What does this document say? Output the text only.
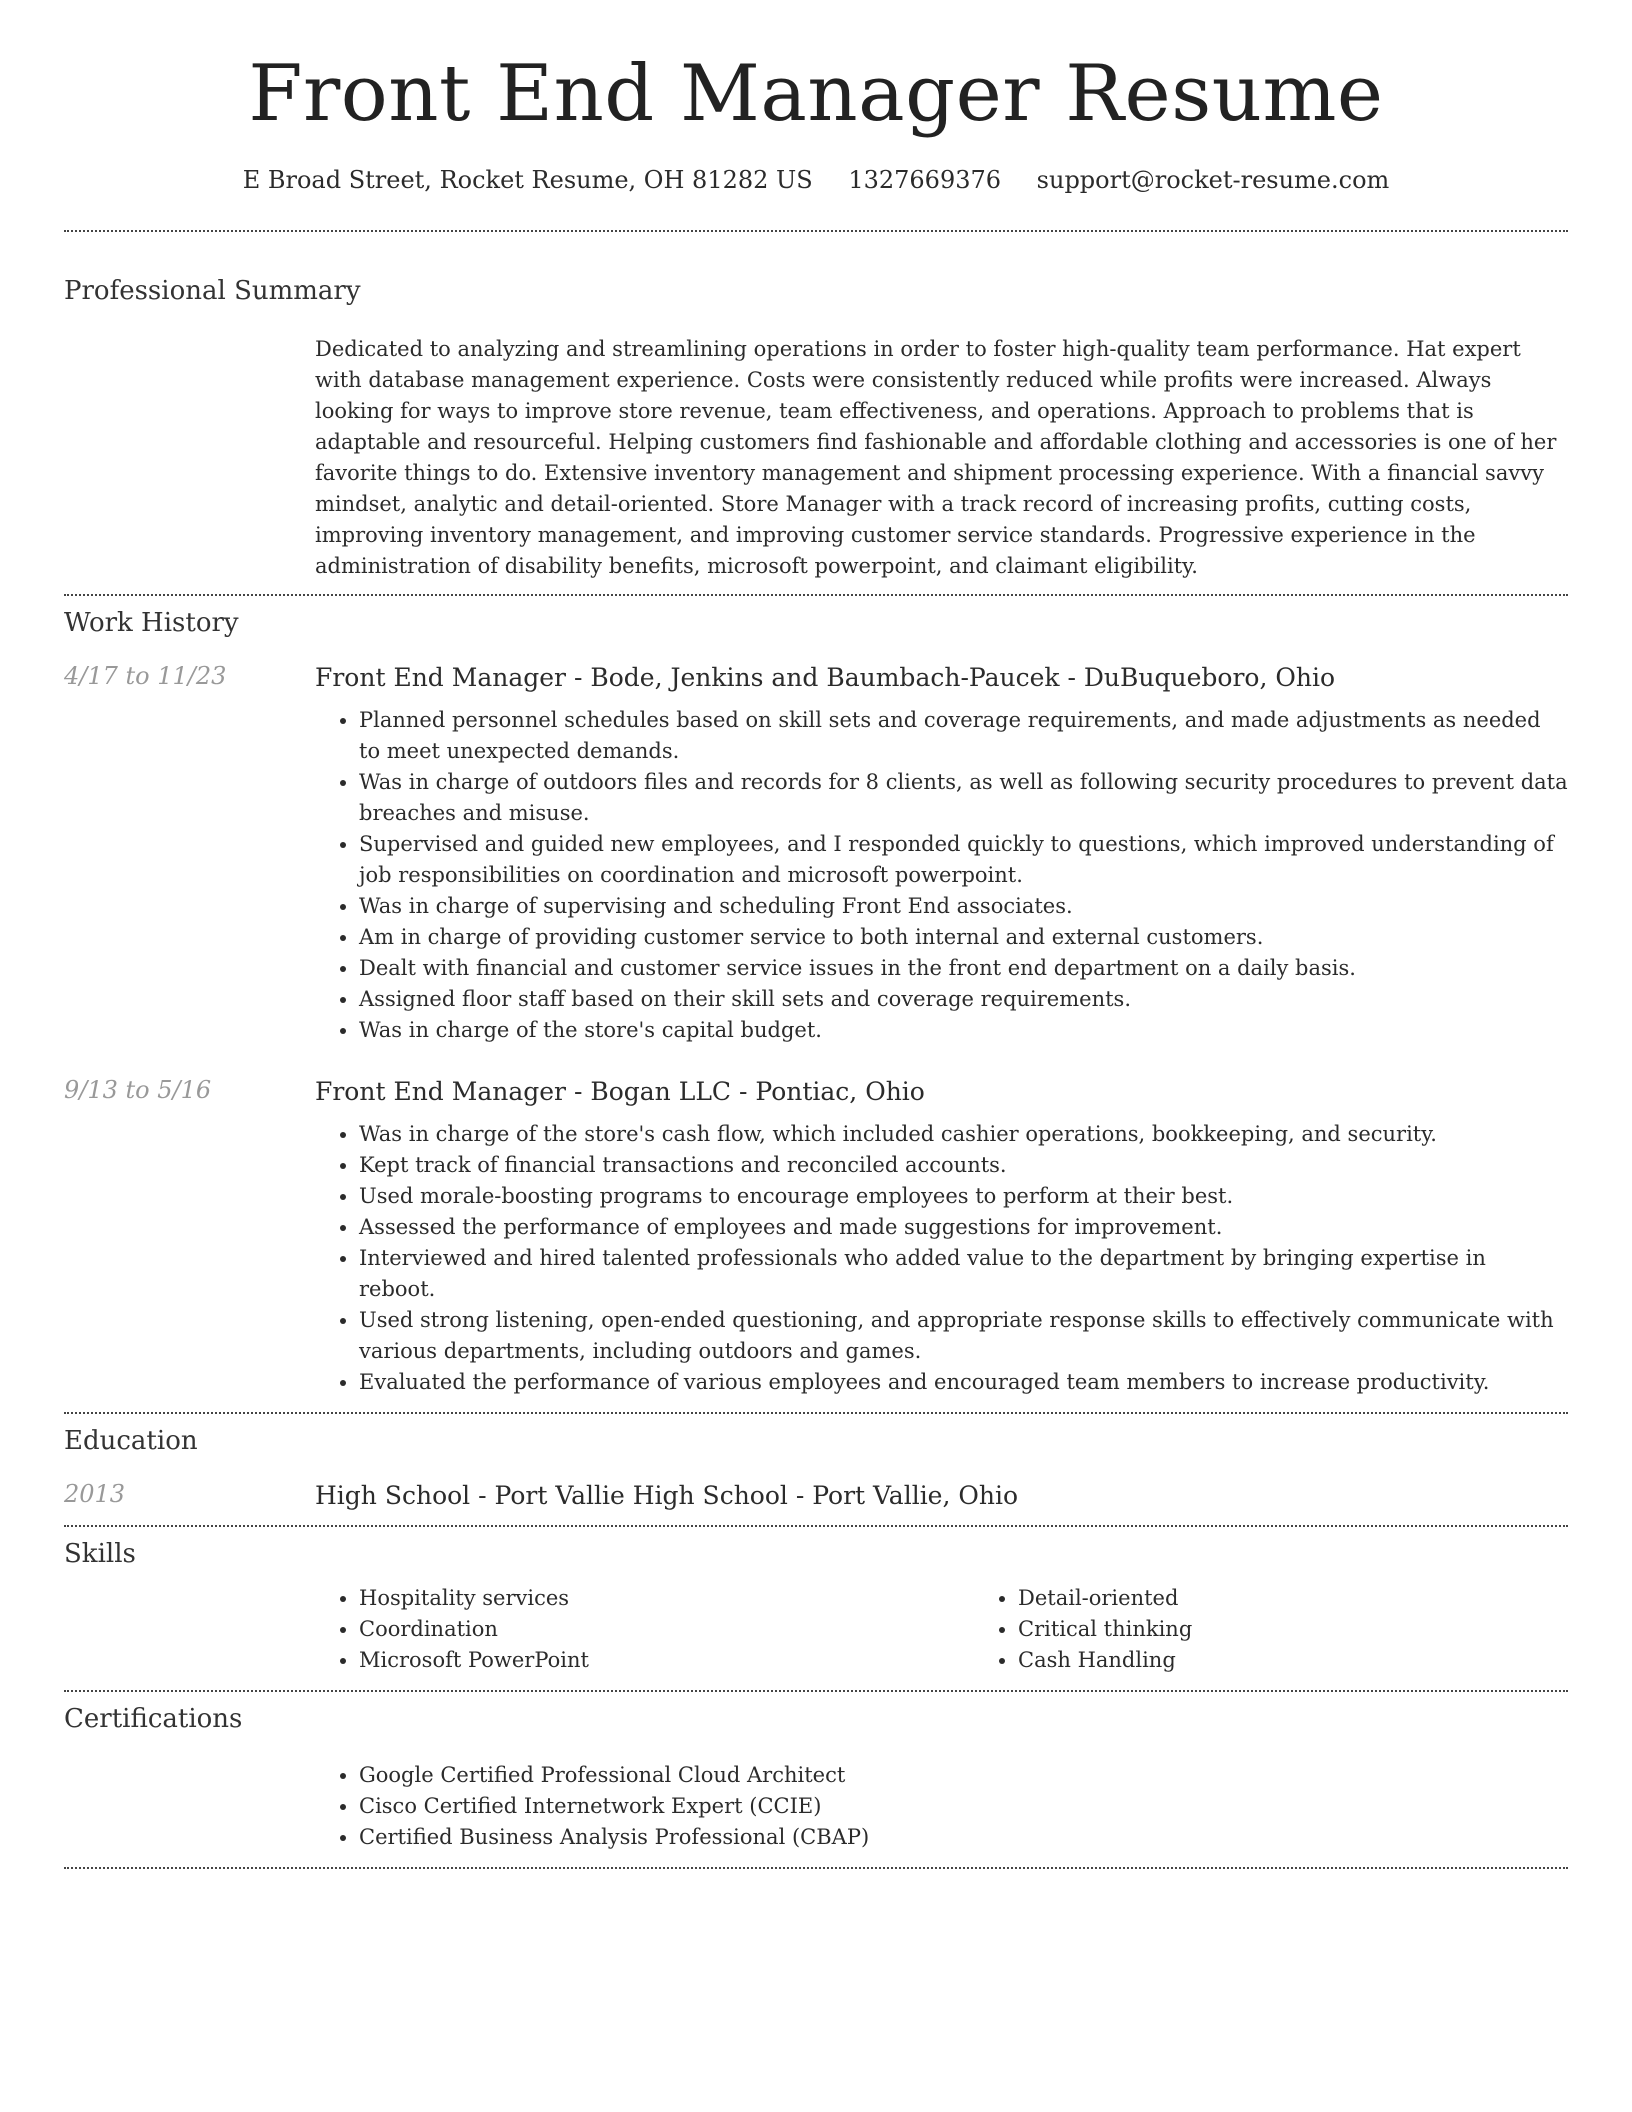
Front End Manager Resume
E Broad Street, Rocket Resume, OH 81282 US 1327669376 support@rocket-resume.com
Professional Summary
Dedicated to analyzing and streamlining operations in order to foster high-quality team performance. Hat expert with database management experience. Costs were consistently reduced while profits were increased. Always looking for ways to improve store revenue, team effectiveness, and operations. Approach to problems that is adaptable and resourceful. Helping customers find fashionable and affordable clothing and accessories is one of her favorite things to do. Extensive inventory management and shipment processing experience. With a financial savvy mindset, analytic and detail-oriented. Store Manager with a track record of increasing profits, cutting costs, improving inventory management, and improving customer service standards. Progressive experience in the administration of disability benefits, microsoft powerpoint, and claimant eligibility.
Work History
4/17 to 11/23	Front End Manager - Bode, Jenkins and Baumbach-Paucek - DuBuqueboro, Ohio

• Planned personnel schedules based on skill sets and coverage requirements, and made adjustments as needed to meet unexpected demands.
• Was in charge of outdoors files and records for 8 clients, as well as following security procedures to prevent data breaches and misuse.
• Supervised and guided new employees, and I responded quickly to questions, which improved understanding of job responsibilities on coordination and microsoft powerpoint.
• Was in charge of supervising and scheduling Front End associates.
• Am in charge of providing customer service to both internal and external customers.
• Dealt with financial and customer service issues in the front end department on a daily basis.
• Assigned floor staff based on their skill sets and coverage requirements.
• Was in charge of the store's capital budget.
9/13 to 5/16	Front End Manager - Bogan LLC - Pontiac, Ohio

• Was in charge of the store's cash flow, which included cashier operations, bookkeeping, and security.
• Kept track of financial transactions and reconciled accounts.
• Used morale-boosting programs to encourage employees to perform at their best.
• Assessed the performance of employees and made suggestions for improvement.
• Interviewed and hired talented professionals who added value to the department by bringing expertise in reboot.
• Used strong listening, open-ended questioning, and appropriate response skills to effectively communicate with various departments, including outdoors and games.
• Evaluated the performance of various employees and encouraged team members to increase productivity.
Education
2013	High School - Port Vallie High School - Port Vallie, Ohio

Skills
• Hospitality services
• Coordination
• Microsoft PowerPoint
• Detail-oriented
• Critical thinking
• Cash Handling
Certifications
• Google Certified Professional Cloud Architect
• Cisco Certified Internetwork Expert (CCIE)
• Certified Business Analysis Professional (CBAP)
